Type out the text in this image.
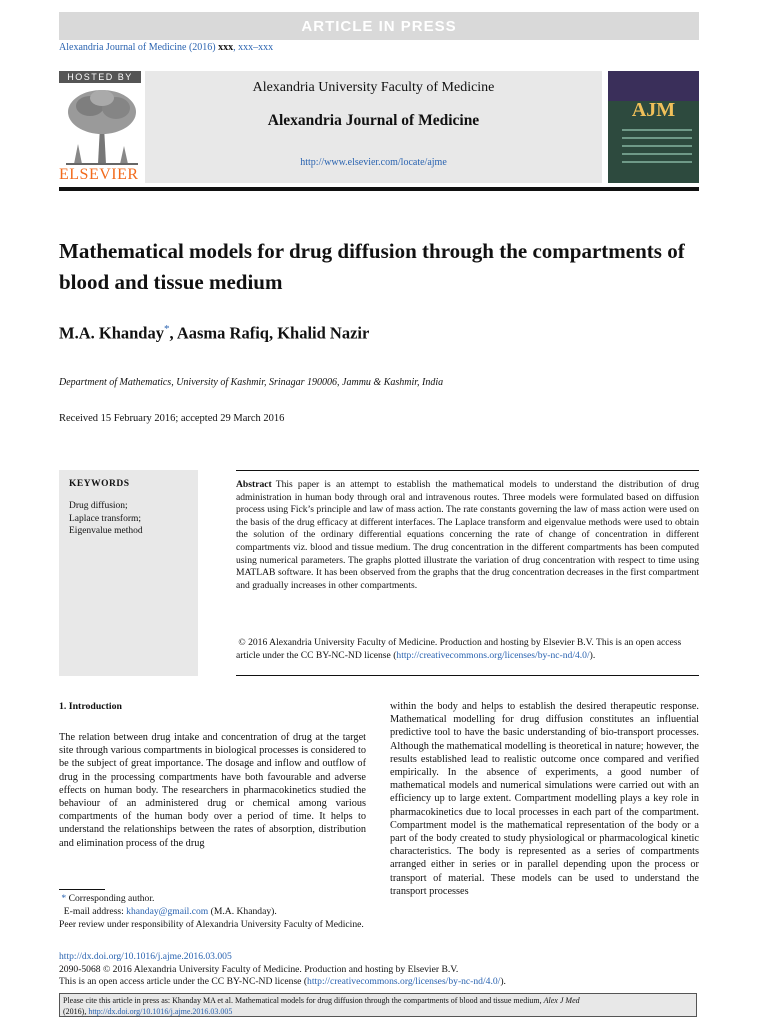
ARTICLE IN PRESS
Alexandria Journal of Medicine (2016) xxx, xxx–xxx
HOSTED BY
ELSEVIER
Alexandria University Faculty of Medicine
Alexandria Journal of Medicine
http://www.elsevier.com/locate/ajme
AJM
Mathematical models for drug diffusion through the compartments of blood and tissue medium
M.A. Khanday*, Aasma Rafiq, Khalid Nazir
Department of Mathematics, University of Kashmir, Srinagar 190006, Jammu & Kashmir, India
Received 15 February 2016; accepted 29 March 2016
KEYWORDS
Drug diffusion;
Laplace transform;
Eigenvalue method
Abstract This paper is an attempt to establish the mathematical models to understand the distribution of drug administration in human body through oral and intravenous routes. Three models were formulated based on diffusion process using Fick’s principle and law of mass action. The rate constants governing the law of mass action were used on the basis of the drug efficacy at different interfaces. The Laplace transform and eigenvalue methods were used to obtain the solution of the ordinary differential equations concerning the rate of change of concentration in different compartments viz. blood and tissue medium. The drug concentration in the different compartments has been computed using numerical parameters. The graphs plotted illustrate the variation of drug concentration with respect to time using MATLAB software. It has been observed from the graphs that the drug concentration decreases in the first compartment and gradually increases in other compartments.
© 2016 Alexandria University Faculty of Medicine. Production and hosting by Elsevier B.V. This is an open access article under the CC BY-NC-ND license (http://creativecommons.org/licenses/by-nc-nd/4.0/).
1. Introduction
The relation between drug intake and concentration of drug at the target site through various compartments in biological processes is considered to be the subject of great importance. The dosage and inflow and outflow of drug in the processing compartments have both favourable and adverse effects on human body. The researchers in pharmacokinetics studied the behaviour of an administered drug or chemical among various compartments of the human body over a period of time. It helps to understand the relationships between the rates of absorption, distribution and elimination process of the drug
within the body and helps to establish the desired therapeutic response. Mathematical modelling for drug diffusion constitutes an influential predictive tool to have the basic understanding of bio-transport processes. Although the mathematical modelling is theoretical in nature; however, the results established lead to realistic outcome once compared and verified empirically. In the absence of experiments, a good number of mathematical models and numerical simulations were carried out with an efficiency up to large extent. Compartment modelling plays a key role in pharmacokinetics due to local processes in each part of the compartment. Compartment model is the mathematical representation of the body or a part of the body created to study physiological or pharmacological kinetic characteristics. The body is represented as a series of compartments arranged either in series or in parallel depending upon the process or transport of material. These models can be used to understand the transport processes
* Corresponding author.
E-mail address: khanday@gmail.com (M.A. Khanday).
Peer review under responsibility of Alexandria University Faculty of Medicine.
http://dx.doi.org/10.1016/j.ajme.2016.03.005
2090-5068 © 2016 Alexandria University Faculty of Medicine. Production and hosting by Elsevier B.V.
This is an open access article under the CC BY-NC-ND license (http://creativecommons.org/licenses/by-nc-nd/4.0/).
Please cite this article in press as: Khanday MA et al. Mathematical models for drug diffusion through the compartments of blood and tissue medium, Alex J Med
(2016), http://dx.doi.org/10.1016/j.ajme.2016.03.005
